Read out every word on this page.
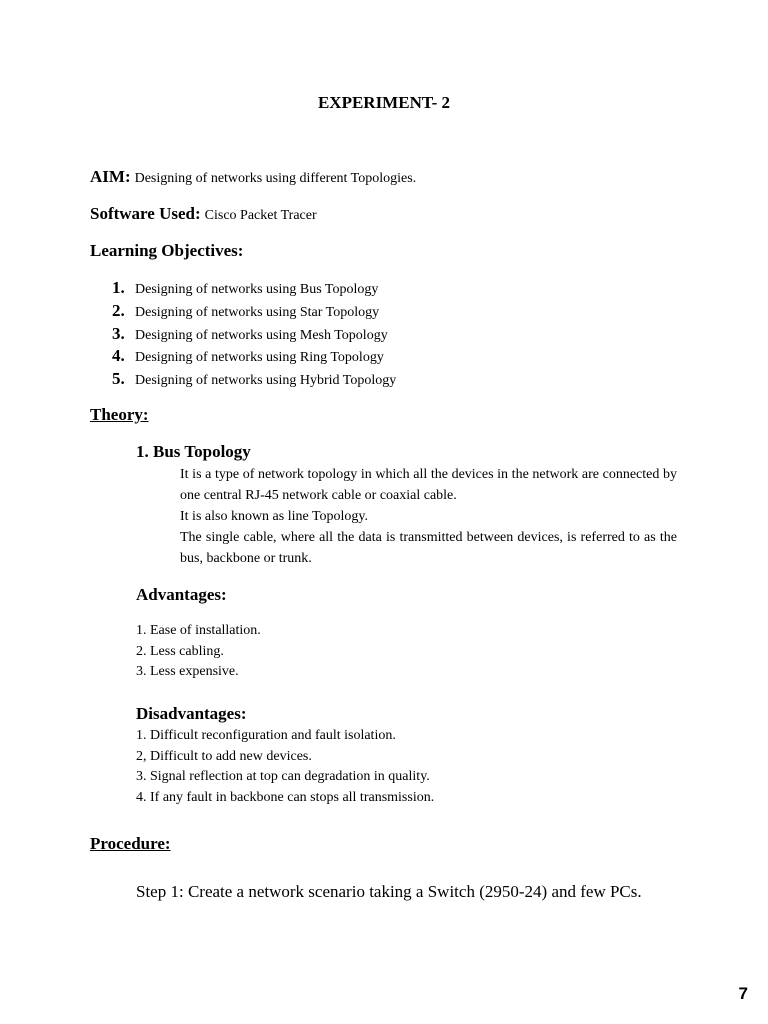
EXPERIMENT- 2
AIM: Designing of networks using different Topologies.
Software Used: Cisco Packet Tracer
Learning Objectives:
1. Designing of networks using Bus Topology
2. Designing of networks using Star Topology
3. Designing of networks using Mesh Topology
4. Designing of networks using Ring Topology
5. Designing of networks using Hybrid Topology
Theory:
1. Bus Topology

It is a type of network topology in which all the devices in the network are connected by one central RJ-45 network cable or coaxial cable.

It is also known as line Topology.

The single cable, where all the data is transmitted between devices, is referred to as the bus, backbone or trunk.

Advantages:
1. Ease of installation.
2. Less cabling.
3. Less expensive.
Disadvantages:
1. Difficult reconfiguration and fault isolation.
2, Difficult to add new devices.
3. Signal reflection at top can degradation in quality.
4. If any fault in backbone can stops all transmission.
Procedure:
Step 1: Create a network scenario taking a Switch (2950-24) and few PCs.
7
